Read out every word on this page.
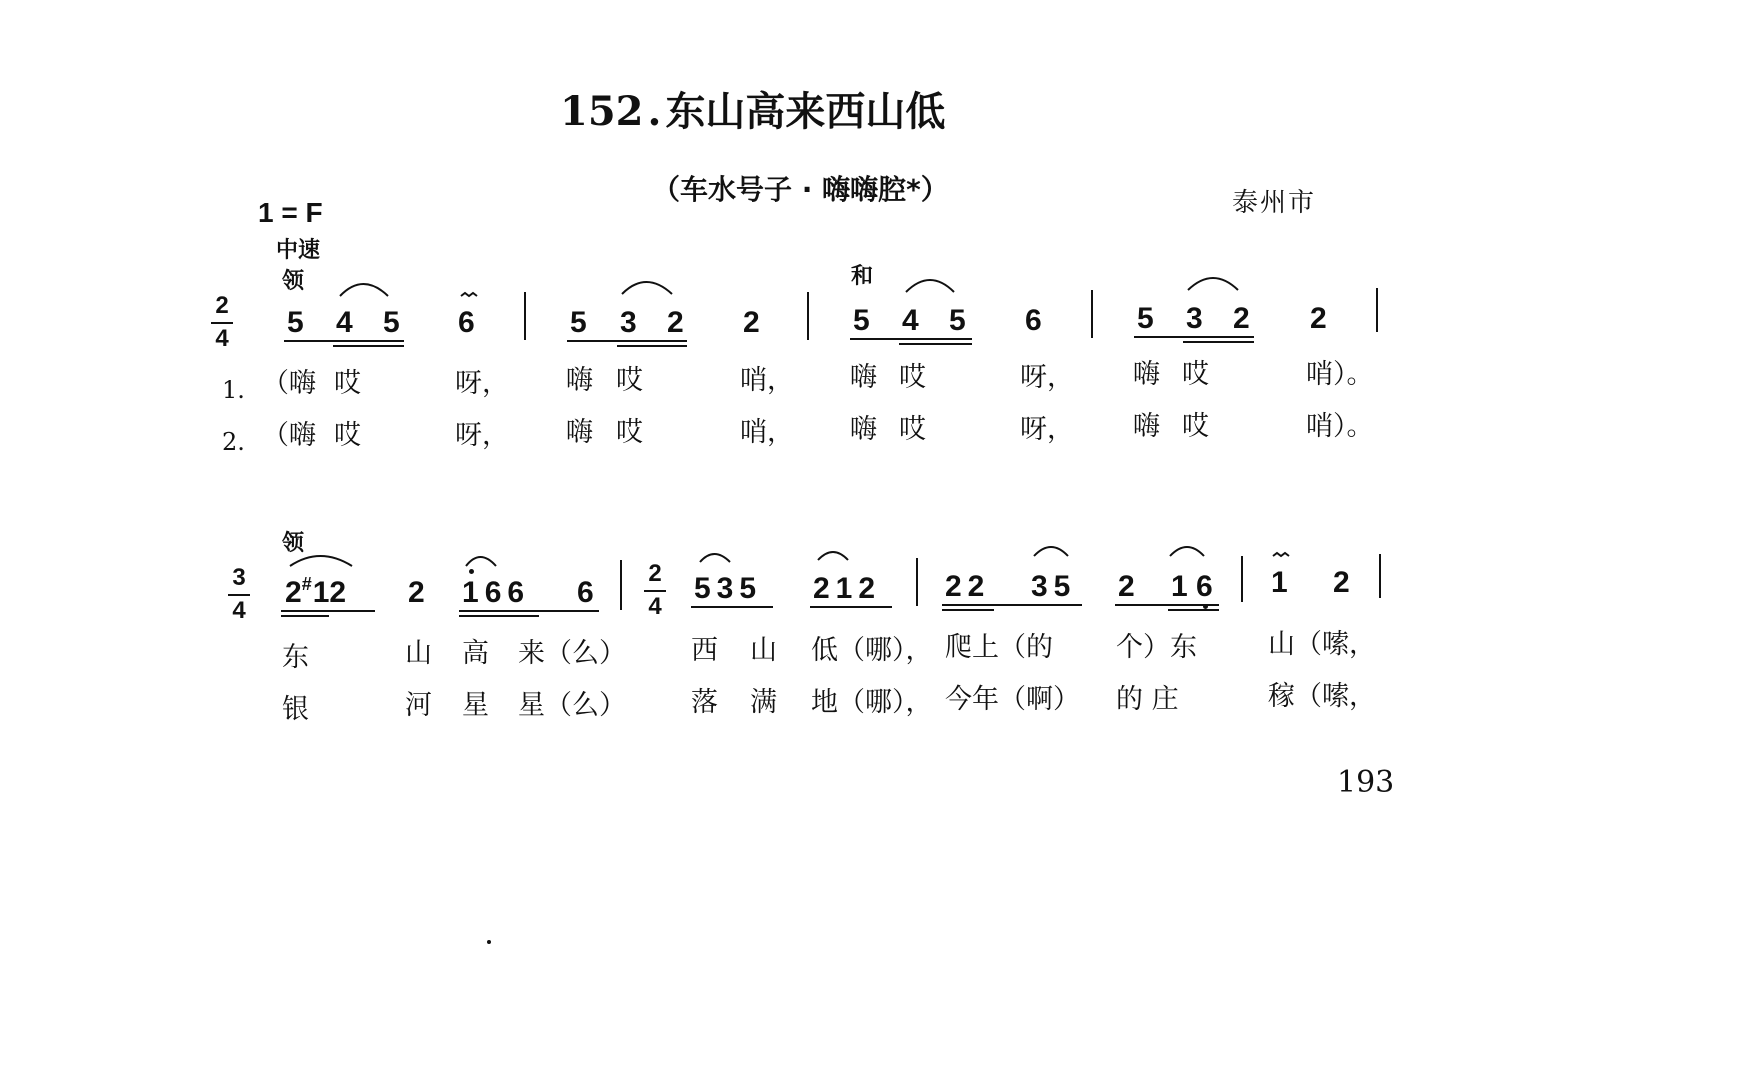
152 . 东山高来西山低
（车水号子 · 嗨嗨腔*）	泰州市
1 = F
中速
领	和
2
4 5 4 5 6	5 3 2 2	5 4 5 6	5 3 2 2
1. （嗨 哎	呀， 嗨 哎	哨， 嗨 哎	呀， 嗨 哎	哨）。
2. （嗨 哎	呀， 嗨 哎	哨， 嗨 哎	呀， 嗨 哎	哨）。
领
3
4
2#12 2 166 6
2
4
535 212 22 35 2 1 6 1 2
东	山 高 来（么） 西 山 低（哪）， 爬上（的 个）东	山（嗦，
银	河 星 星（么） 落 满 地（哪）， 今年（啊） 的 庄	稼（嗦，
193
